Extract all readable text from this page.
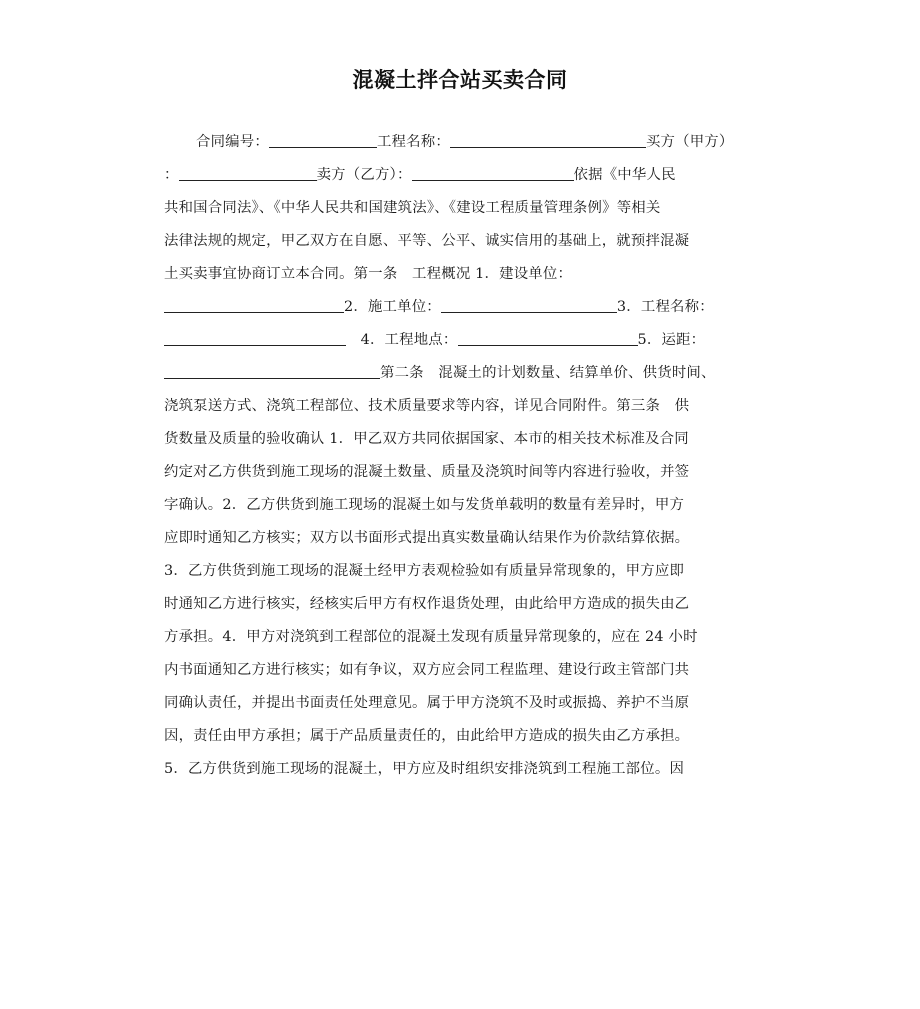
混凝土拌合站买卖合同
合同编号：	工程名称：	买方（甲方）
：	卖方（乙方）：	依据《中华人民
共和国合同法》、《中华人民共和国建筑法》、《建设工程质量管理条例》等相关
法律法规的规定，甲乙双方在自愿、平等、公平、诚实信用的基础上，就预拌混凝
土买卖事宜协商订立本合同。第一条　工程概况 1．建设单位：
2．施工单位：	3．工程名称：
　4．工程地点：	5．运距：
第二条　混凝土的计划数量、结算单价、供货时间、
浇筑泵送方式、浇筑工程部位、技术质量要求等内容，详见合同附件。第三条　供
货数量及质量的验收确认 1．甲乙双方共同依据国家、本市的相关技术标准及合同
约定对乙方供货到施工现场的混凝土数量、质量及浇筑时间等内容进行验收，并签
字确认。2．乙方供货到施工现场的混凝土如与发货单载明的数量有差异时，甲方
应即时通知乙方核实；双方以书面形式提出真实数量确认结果作为价款结算依据。
3．乙方供货到施工现场的混凝土经甲方表观检验如有质量异常现象的，甲方应即
时通知乙方进行核实，经核实后甲方有权作退货处理，由此给甲方造成的损失由乙
方承担。4．甲方对浇筑到工程部位的混凝土发现有质量异常现象的，应在 24 小时
内书面通知乙方进行核实；如有争议，双方应会同工程监理、建设行政主管部门共
同确认责任，并提出书面责任处理意见。属于甲方浇筑不及时或振捣、养护不当原
因，责任由甲方承担；属于产品质量责任的，由此给甲方造成的损失由乙方承担。
5．乙方供货到施工现场的混凝土，甲方应及时组织安排浇筑到工程施工部位。因
